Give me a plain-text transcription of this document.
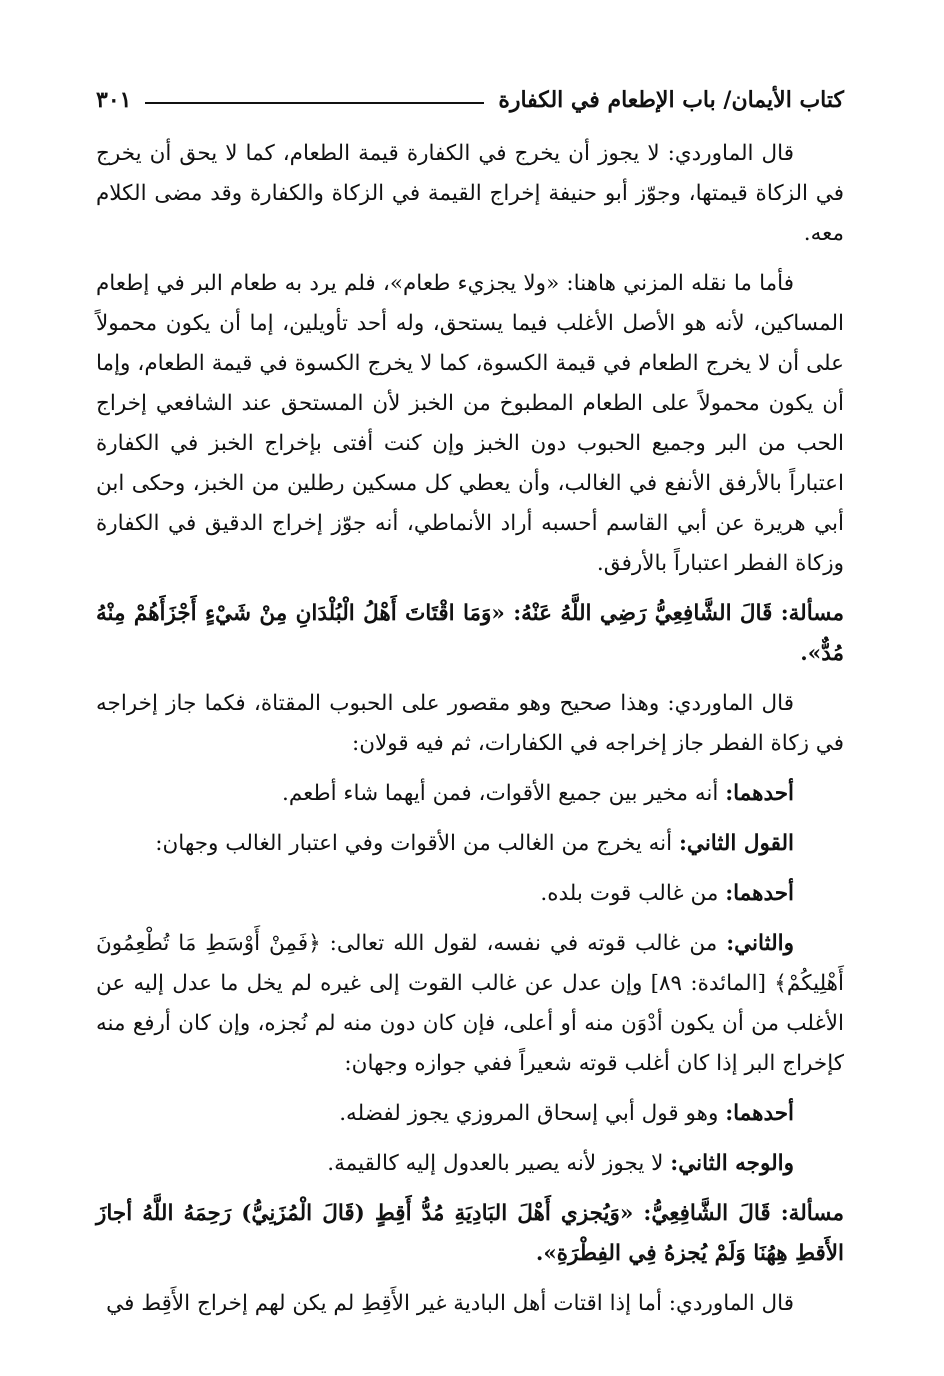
كتاب الأيمان/ باب الإطعام في الكفارة
٣٠١

قال الماوردي: لا يجوز أن يخرج في الكفارة قيمة الطعام، كما لا يحق أن يخرج في الزكاة قيمتها، وجوّز أبو حنيفة إخراج القيمة في الزكاة والكفارة وقد مضى الكلام معه.

فأما ما نقله المزني هاهنا: «ولا يجزيء طعام»، فلم يرد به طعام البر في إطعام المساكين، لأنه هو الأصل الأغلب فيما يستحق، وله أحد تأويلين، إما أن يكون محمولاً على أن لا يخرج الطعام في قيمة الكسوة، كما لا يخرج الكسوة في قيمة الطعام، وإما أن يكون محمولاً على الطعام المطبوخ من الخبز لأن المستحق عند الشافعي إخراج الحب من البر وجميع الحبوب دون الخبز وإن كنت أفتى بإخراج الخبز في الكفارة اعتباراً بالأرفق الأنفع في الغالب، وأن يعطي كل مسكين رطلين من الخبز، وحكى ابن أبي هريرة عن أبي القاسم أحسبه أراد الأنماطي، أنه جوّز إخراج الدقيق في الكفارة وزكاة الفطر اعتباراً بالأرفق.

مسألة: قَالَ الشَّافِعِيُّ رَضِي اللَّهُ عَنْهُ: «وَمَا اقْتَاتَ أَهْلُ الْبُلْدَانِ مِنْ شَيْءٍ أَجْزَأَهُمْ مِنْهُ مُدٌّ».

قال الماوردي: وهذا صحيح وهو مقصور على الحبوب المقتاة، فكما جاز إخراجه في زكاة الفطر جاز إخراجه في الكفارات، ثم فيه قولان:

أحدهما: أنه مخير بين جميع الأقوات، فمن أيهما شاء أطعم.

القول الثاني: أنه يخرج من الغالب من الأقوات وفي اعتبار الغالب وجهان:

أحدهما: من غالب قوت بلده.

والثاني: من غالب قوته في نفسه، لقول الله تعالى: ﴿فَمِنْ أَوْسَطِ مَا تُطْعِمُونَ أَهْلِيكُمْ﴾ [المائدة: ٨٩] وإن عدل عن غالب القوت إلى غيره لم يخل ما عدل إليه عن الأغلب من أن يكون أدْوَن منه أو أعلى، فإن كان دون منه لم نُجزه، وإن كان أرفع منه كإخراج البر إذا كان أغلب قوته شعيراً ففي جوازه وجهان:

أحدهما: وهو قول أبي إسحاق المروزي يجوز لفضله.

والوجه الثاني: لا يجوز لأنه يصير بالعدول إليه كالقيمة.

مسألة: قَالَ الشَّافِعِيُّ: «وَيُجزي أَهْلَ البَادِيَةِ مُدُّ أَقِطٍ (قَالَ الْمُزَنِيُّ) رَحِمَهُ اللَّهُ أجازَ الأَقطِ هِهُنَا وَلَمْ يُجزهُ فِي الفِطْرَةِ».

قال الماوردي: أما إذا اقتات أهل البادية غير الأَقِطِ لم يكن لهم إخراج الأَقِط في
